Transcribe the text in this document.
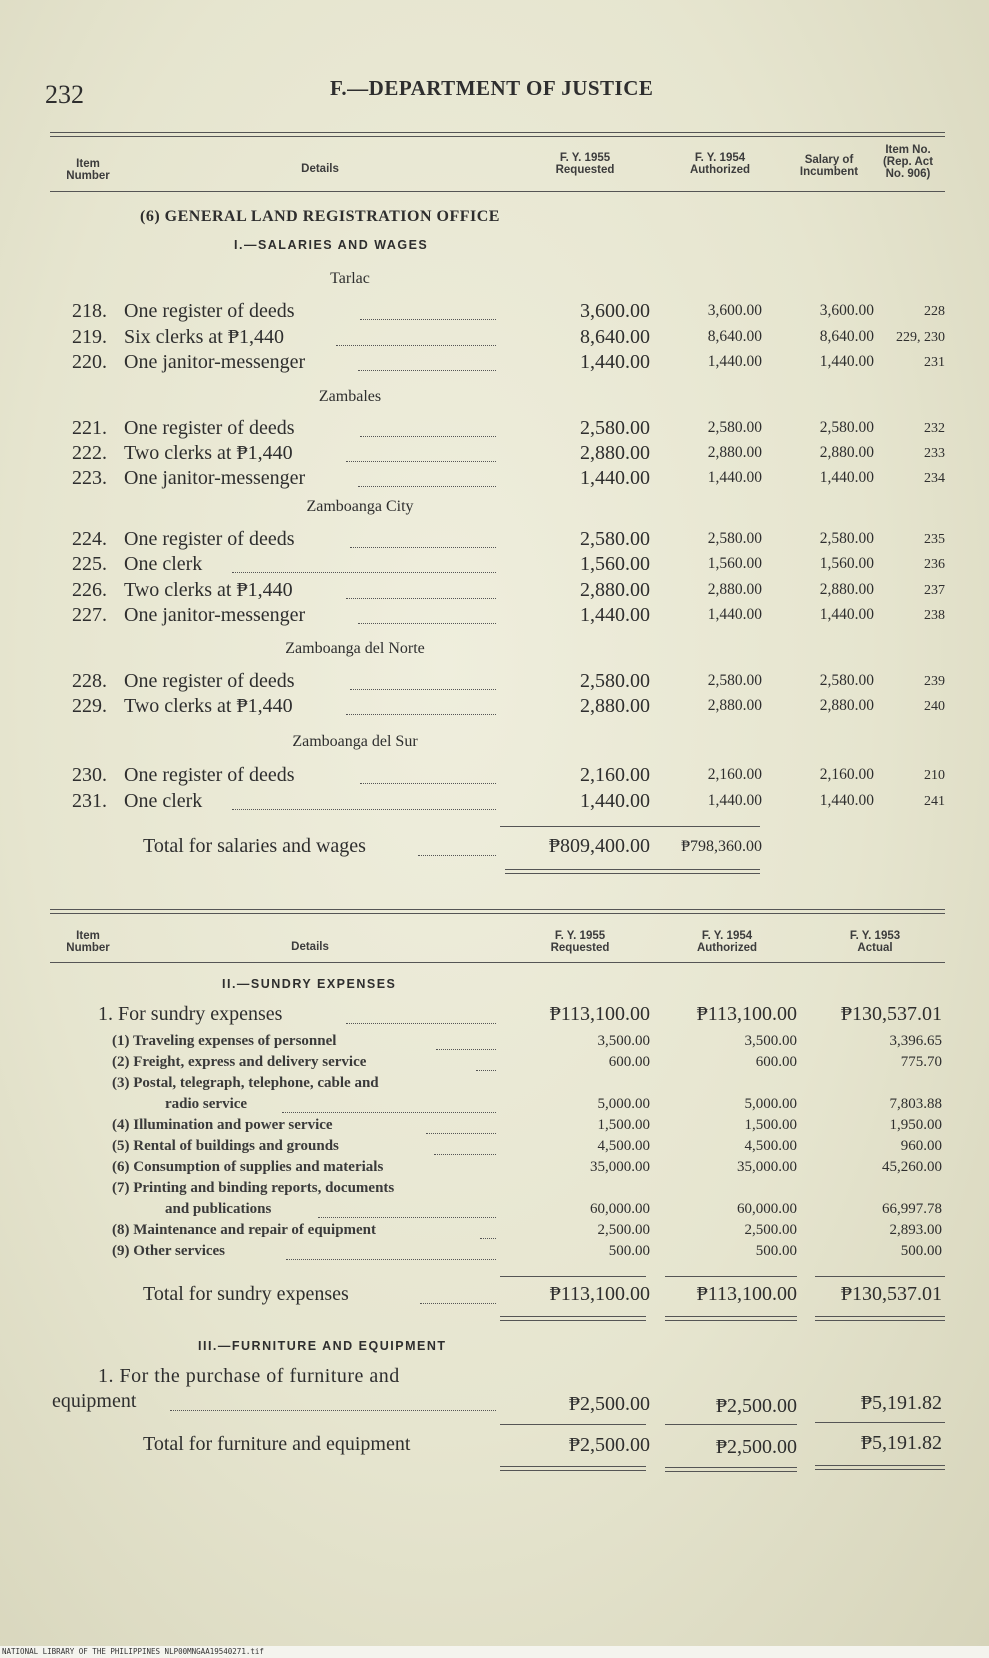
232	F.—DEPARTMENT OF JUSTICE
Item
Number
Details
F. Y. 1955
Requested
F. Y. 1954
Authorized
Salary of
Incumbent
Item No.
(Rep. Act
No. 906)
(6) GENERAL LAND REGISTRATION OFFICE
I.—SALARIES AND WAGES
Tarlac
218. One register of deeds	3,600.00	3,600.00	3,600.00	228
219. Six clerks at ₱1,440	8,640.00	8,640.00	8,640.00 229, 230
220. One janitor-messenger	1,440.00	1,440.00	1,440.00	231
Zambales
221. One register of deeds	2,580.00	2,580.00	2,580.00	232
222. Two clerks at ₱1,440	2,880.00	2,880.00	2,880.00	233
223. One janitor-messenger	1,440.00	1,440.00	1,440.00	234
Zamboanga City
224. One register of deeds	2,580.00	2,580.00	2,580.00	235
225. One clerk	1,560.00	1,560.00	1,560.00	236
226. Two clerks at ₱1,440	2,880.00	2,880.00	2,880.00	237
227. One janitor-messenger	1,440.00	1,440.00	1,440.00	238
Zamboanga del Norte
228. One register of deeds	2,580.00	2,580.00	2,580.00	239
229. Two clerks at ₱1,440	2,880.00	2,880.00	2,880.00	240
Zamboanga del Sur
230. One register of deeds	2,160.00	2,160.00	2,160.00	210
231. One clerk	1,440.00	1,440.00	1,440.00	241
Total for salaries and wages	₱809,400.00 ₱798,360.00
Item
Number	Details
F. Y. 1955
Requested
F. Y. 1954
Authorized
F. Y. 1953
Actual
II.—SUNDRY EXPENSES
1. For sundry expenses	₱113,100.00 ₱113,100.00 ₱130,537.01
(1) Traveling expenses of personnel	3,500.00	3,500.00	3,396.65
(2) Freight, express and delivery service	600.00	600.00	775.70
(3) Postal, telegraph, telephone, cable and
radio service	5,000.00	5,000.00	7,803.88
(4) Illumination and power service	1,500.00	1,500.00	1,950.00
(5) Rental of buildings and grounds	4,500.00	4,500.00	960.00
(6) Consumption of supplies and materials	35,000.00	35,000.00	45,260.00
(7) Printing and binding reports, documents
and publications	60,000.00	60,000.00	66,997.78
(8) Maintenance and repair of equipment	2,500.00	2,500.00	2,893.00
(9) Other services	500.00	500.00	500.00
Total for sundry expenses	₱113,100.00 ₱113,100.00 ₱130,537.01
III.—FURNITURE AND EQUIPMENT
1. For the purchase of furniture and
equipment	₱2,500.00	₱2,500.00	₱5,191.82
Total for furniture and equipment	₱2,500.00	₱2,500.00	₱5,191.82
NATIONAL LIBRARY OF THE PHILIPPINES NLP00MNGAA19540271.tif
